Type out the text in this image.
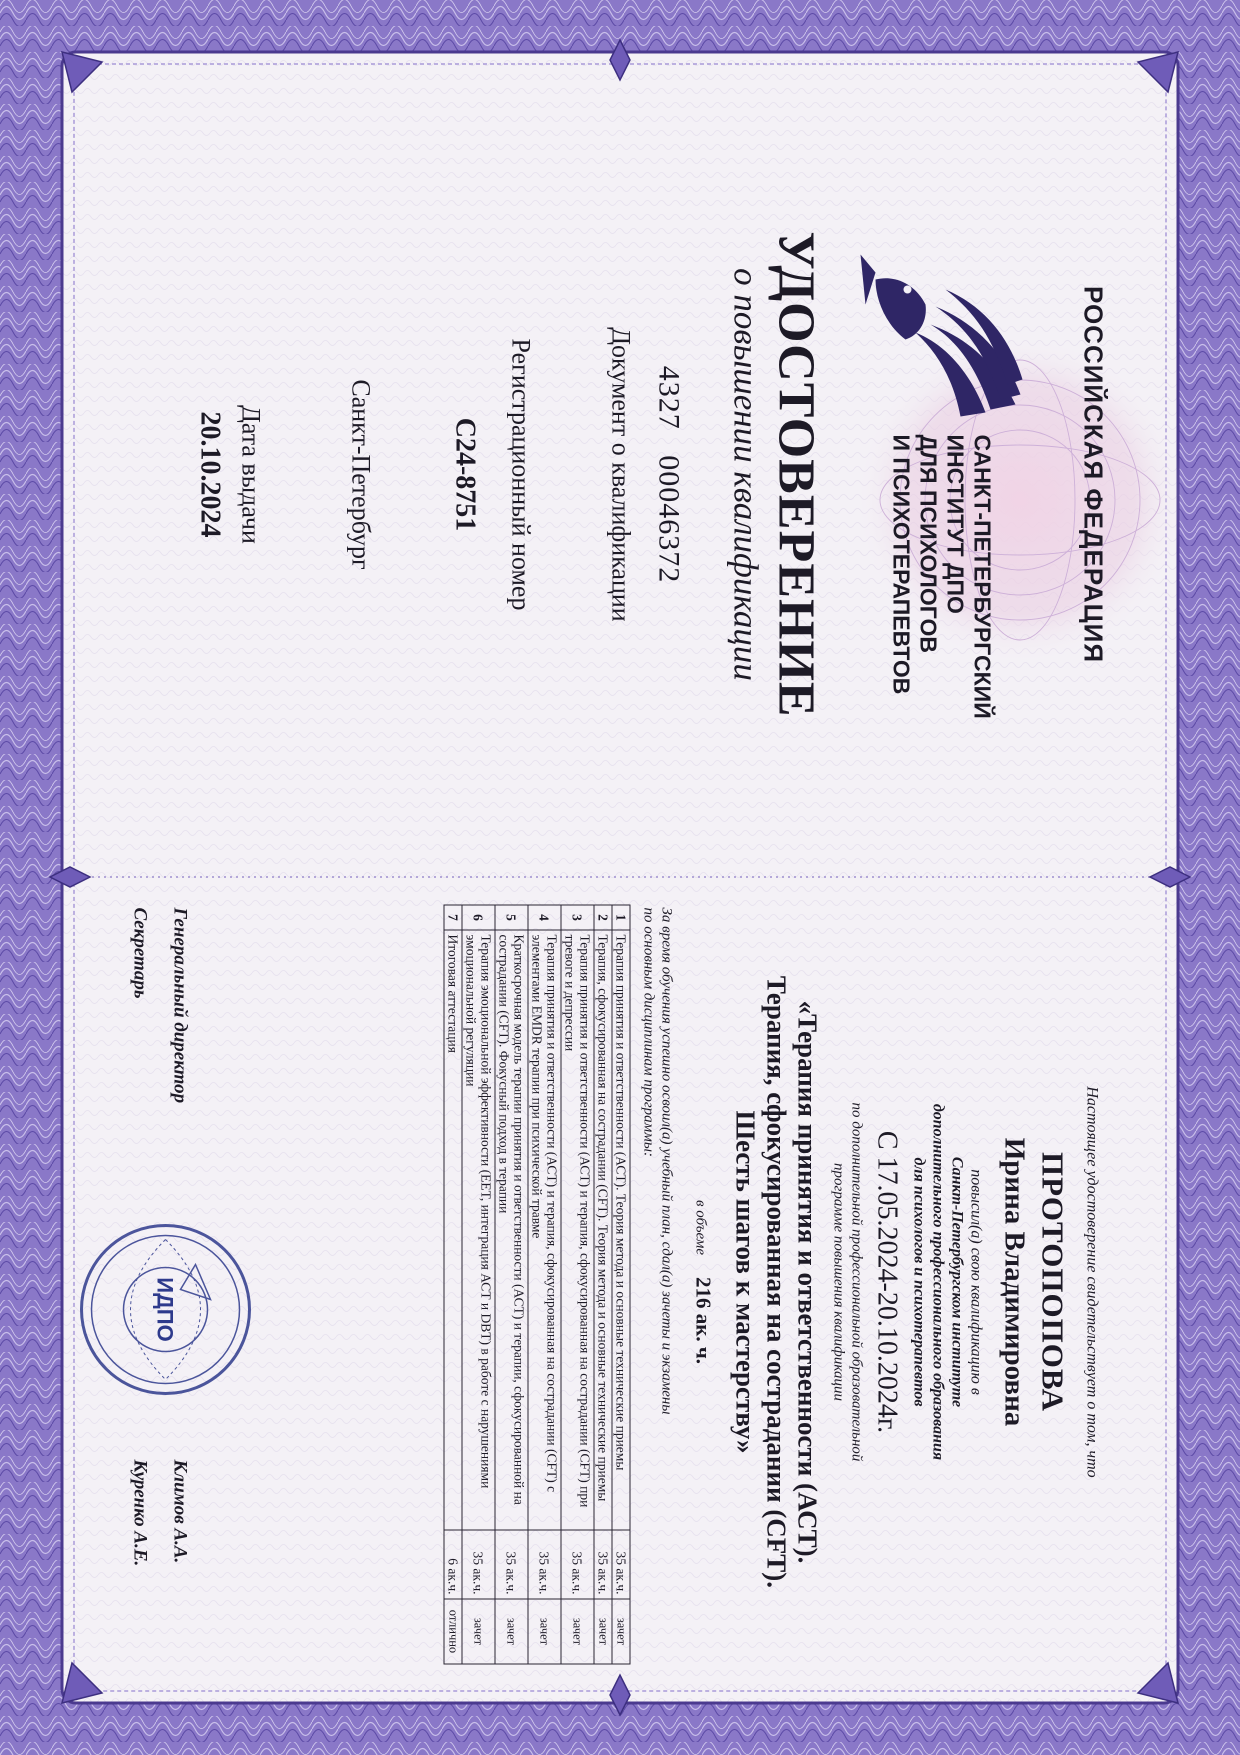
РОССИЙСКАЯ ФЕДЕРАЦИЯ
САНКТ-ПЕТЕРБУРГСКИЙ
ИНСТИТУТ ДПО
ДЛЯ ПСИХОЛОГОВ
И ПСИХОТЕРАПЕВТОВ
УДОСТОВЕРЕНИЕ
о повышении квалификации
4327   00046372
Документ о квалификации
Регистрационный номер
С24-8751
Санкт-Петербург
Дата выдачи
20.10.2024
Настоящее удостоверение свидетельствует о том, что
ПРОТОПОПОВА
Ирина Владимировна
повысил(а) свою квалификацию в
Санкт-Петербургском институте
дополнительного профессионального образования
для психологов и психотерапевтов
С 17.05.2024-20.10.2024г.
по дополнительной профессиональной образовательной
программе повышения квалификации
«Терапия принятия и ответственности (АСТ).
Терапия, сфокусированная на сострадании (CFT).
Шесть шагов к мастерству»
в объеме 216 ак. ч.
За время обучения успешно освоил(а) учебный план, сдал(а) зачеты и экзамены
по основным дисциплинам программы:
1	Терапия принятия и ответственности (АСТ). Теория метода и основные технические приемы	35 ак.ч.	зачет
2	Терапия, сфокусированная на сострадании (CFT). Теория метода и основные технические приемы	35 ак.ч.	зачет
3	Терапия принятия и ответственности (АСТ) и терапия, сфокусированная на сострадании (CFT) при тревоге и депрессии	35 ак.ч.	зачет
4	Терапия принятия и ответственности (АСТ) и терапия, сфокусированная на сострадании (CFT) с элементами EMDR терапии при психической травме	35 ак.ч.	зачет
5	Краткосрочная модель терапии принятия и ответственности (АСТ) и терапии, сфокусированной на сострадании (CFT). Фокусный подход в терапии	35 ак.ч.	зачет
6	Терапия эмоциональной эффективности (EET, интеграция АСТ и DBT) в работе с нарушениями эмоциональной регуляции	35 ак.ч.	зачет
7	Итоговая аттестация	6 ак.ч.	отлично
Генеральный директор
Климов А.А.
Секретарь
Куренко А.Е.
ИДПО
